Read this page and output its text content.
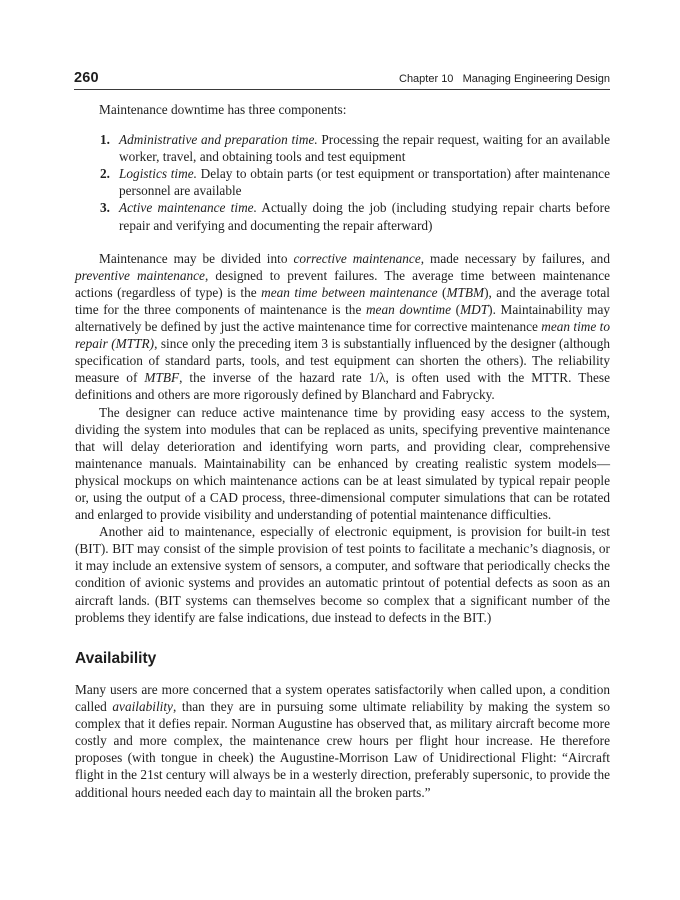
260	Chapter 10 Managing Engineering Design

Maintenance downtime has three components:

1. Administrative and preparation time. Processing the repair request, waiting for an available worker, travel, and obtaining tools and test equipment
2. Logistics time. Delay to obtain parts (or test equipment or transportation) after maintenance personnel are available
3. Active maintenance time. Actually doing the job (including studying repair charts before repair and verifying and documenting the repair afterward)

Maintenance may be divided into corrective maintenance, made necessary by failures, and preventive maintenance, designed to prevent failures. The average time between maintenance actions (regardless of type) is the mean time between maintenance (MTBM), and the average total time for the three components of maintenance is the mean downtime (MDT). Maintainability may alternatively be defined by just the active maintenance time for corrective maintenance mean time to repair (MTTR), since only the preceding item 3 is substantially influenced by the designer (although specification of standard parts, tools, and test equipment can shorten the others). The reliability measure of MTBF, the inverse of the hazard rate 1/λ, is often used with the MTTR. These definitions and others are more rigorously defined by Blanchard and Fabrycky.

The designer can reduce active maintenance time by providing easy access to the system, dividing the system into modules that can be replaced as units, specifying preventive maintenance that will delay deterioration and identifying worn parts, and providing clear, comprehensive maintenance manuals. Maintainability can be enhanced by creating realistic system models—physical mockups on which maintenance actions can be at least simulated by typical repair people or, using the output of a CAD process, three-dimensional computer simulations that can be rotated and enlarged to provide visibility and understanding of potential maintenance difficulties.

Another aid to maintenance, especially of electronic equipment, is provision for built-in test (BIT). BIT may consist of the simple provision of test points to facilitate a mechanic’s diagnosis, or it may include an extensive system of sensors, a computer, and software that periodically checks the condition of avionic systems and provides an automatic printout of potential defects as soon as an aircraft lands. (BIT systems can themselves become so complex that a significant number of the problems they identify are false indications, due instead to defects in the BIT.)

Availability

Many users are more concerned that a system operates satisfactorily when called upon, a condition called availability, than they are in pursuing some ultimate reliability by making the system so complex that it defies repair. Norman Augustine has observed that, as military aircraft become more costly and more complex, the maintenance crew hours per flight hour increase. He therefore proposes (with tongue in cheek) the Augustine-Morrison Law of Unidirectional Flight: “Aircraft flight in the 21st century will always be in a westerly direction, preferably supersonic, to provide the additional hours needed each day to maintain all the broken parts.”
